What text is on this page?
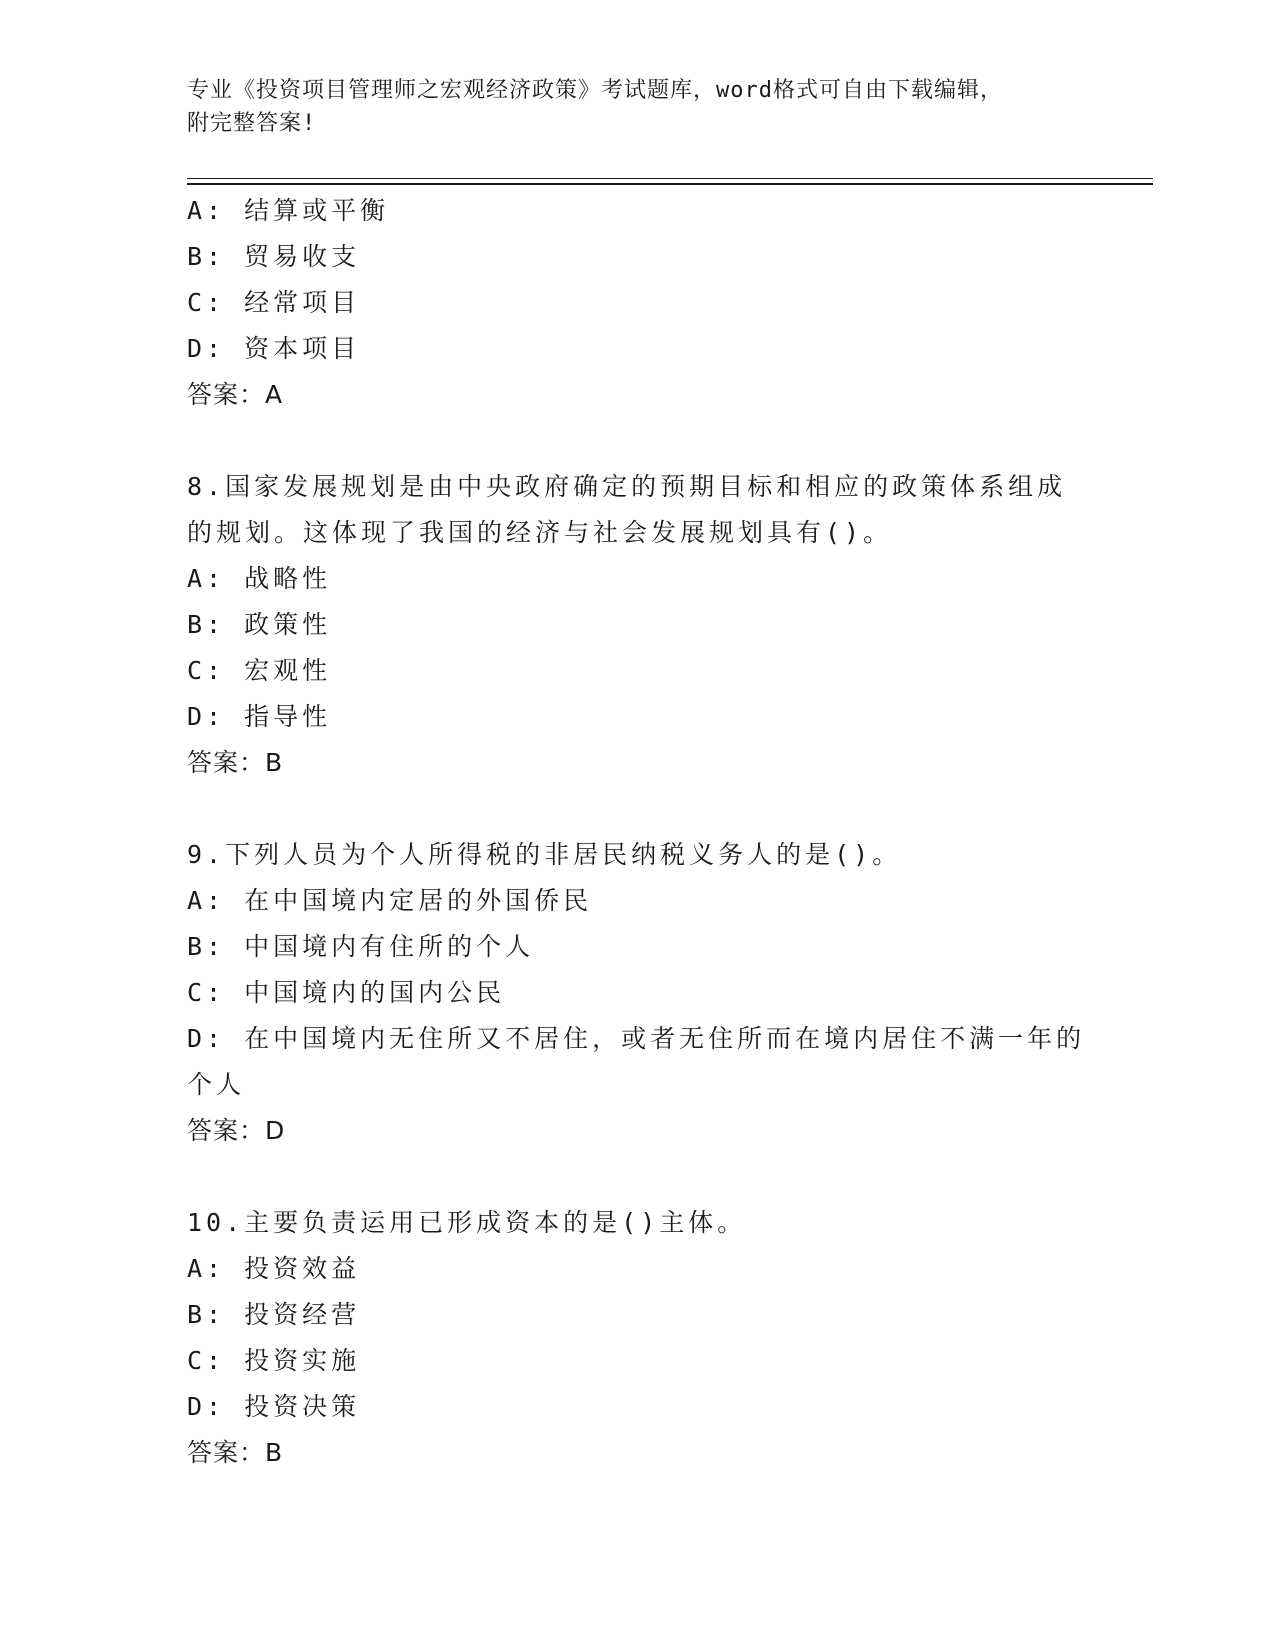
专业《投资项目管理师之宏观经济政策》考试题库，word格式可自由下载编辑，
附完整答案!
A: 结算或平衡
B: 贸易收支
C: 经常项目
D: 资本项目
答案：A
8.国家发展规划是由中央政府确定的预期目标和相应的政策体系组成
的规划。这体现了我国的经济与社会发展规划具有()。
A: 战略性
B: 政策性
C: 宏观性
D: 指导性
答案：B
9.下列人员为个人所得税的非居民纳税义务人的是()。
A: 在中国境内定居的外国侨民
B: 中国境内有住所的个人
C: 中国境内的国内公民
D: 在中国境内无住所又不居住，或者无住所而在境内居住不满一年的
个人
答案：D
10.主要负责运用已形成资本的是()主体。
A: 投资效益
B: 投资经营
C: 投资实施
D: 投资决策
答案：B
